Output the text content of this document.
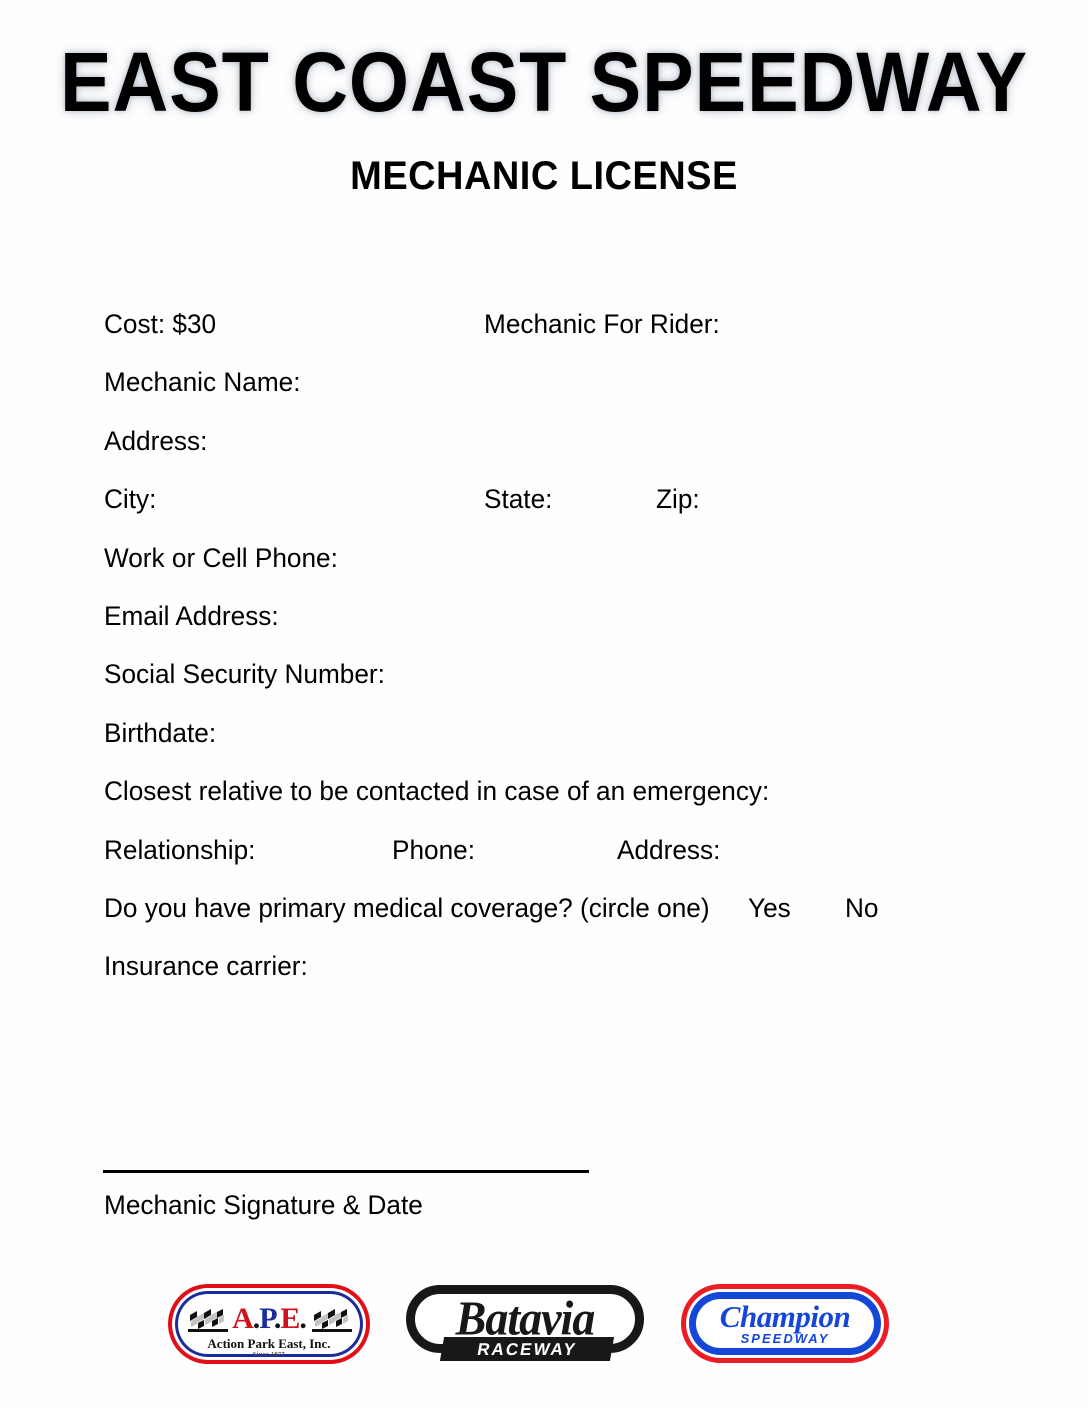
EAST COAST SPEEDWAY
MECHANIC LICENSE
Cost: $30	Mechanic For Rider:
Mechanic Name:
Address:
City:	State:	Zip:
Work or Cell Phone:
Email Address:
Social Security Number:
Birthdate:
Closest relative to be contacted in case of an emergency:
Relationship:	Phone:	Address:
Do you have primary medical coverage? (circle one) Yes No
Insurance carrier:
Mechanic Signature & Date
A.P.E.
Action Park East, Inc.
Since 1977
Batavia
RACEWAY
Champion
SPEEDWAY
